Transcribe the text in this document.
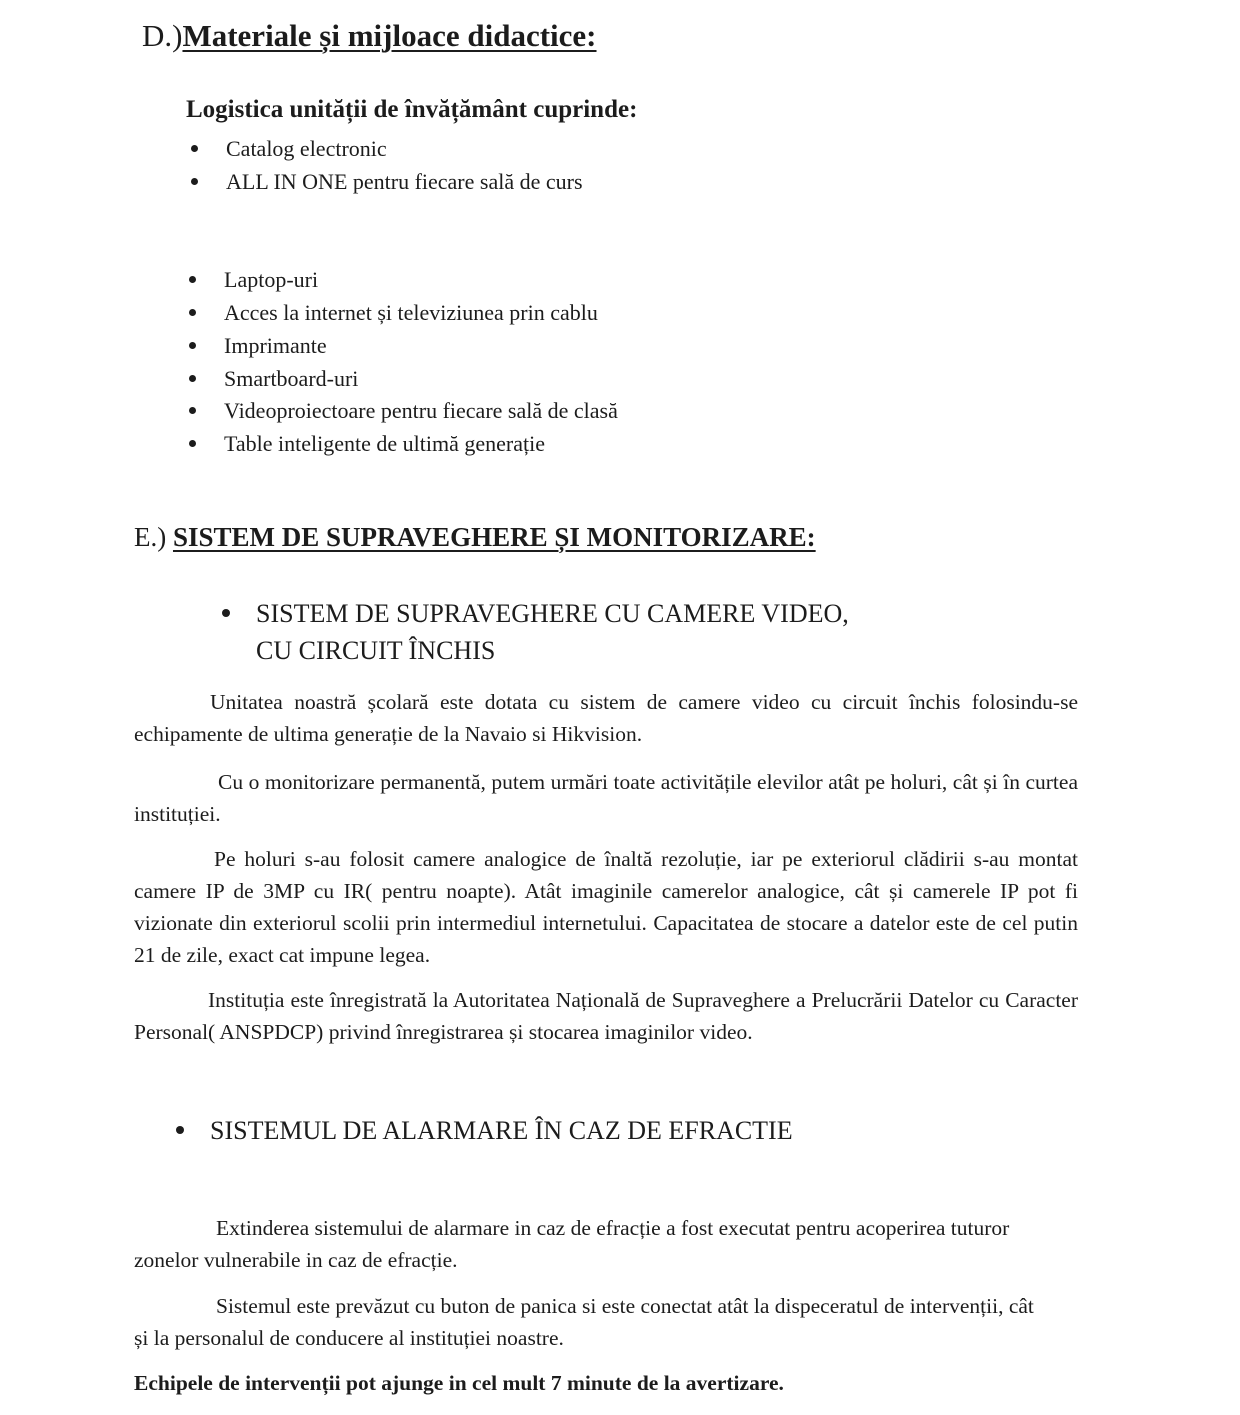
D.)Materiale și mijloace didactice:
Logistica unității de învățământ cuprinde:
Catalog electronic
ALL IN ONE pentru fiecare sală de curs
Laptop-uri
Acces la internet și televiziunea prin cablu
Imprimante
Smartboard-uri
Videoproiectoare pentru fiecare sală de clasă
Table inteligente de ultimă generație
E.) SISTEM DE SUPRAVEGHERE ȘI MONITORIZARE:
SISTEM DE SUPRAVEGHERE CU CAMERE VIDEO,
CU CIRCUIT ÎNCHIS
Unitatea noastră școlară este dotata cu sistem de camere video cu circuit închis folosindu-se echipamente de ultima generație de la Navaio si Hikvision.
Cu o monitorizare permanentă, putem urmări toate activitățile elevilor atât pe holuri, cât și în curtea instituției.
Pe holuri s-au folosit camere analogice de înaltă rezoluție, iar pe exteriorul clădirii s-au montat camere IP de 3MP cu IR( pentru noapte). Atât imaginile camerelor analogice, cât și camerele IP pot fi vizionate din exteriorul scolii prin intermediul internetului. Capacitatea de stocare a datelor este de cel putin 21 de zile, exact cat impune legea.
Instituția este înregistrată la Autoritatea Națională de Supraveghere a Prelucrării Datelor cu Caracter Personal( ANSPDCP) privind înregistrarea și stocarea imaginilor video.
SISTEMUL DE ALARMARE ÎN CAZ DE EFRACTIE
Extinderea sistemului de alarmare in caz de efracție a fost executat pentru acoperirea tuturor zonelor vulnerabile in caz de efracție.
Sistemul este prevăzut cu buton de panica si este conectat atât la dispeceratul de intervenții, cât și la personalul de conducere al instituției noastre.
Echipele de intervenții pot ajunge in cel mult 7 minute de la avertizare.
